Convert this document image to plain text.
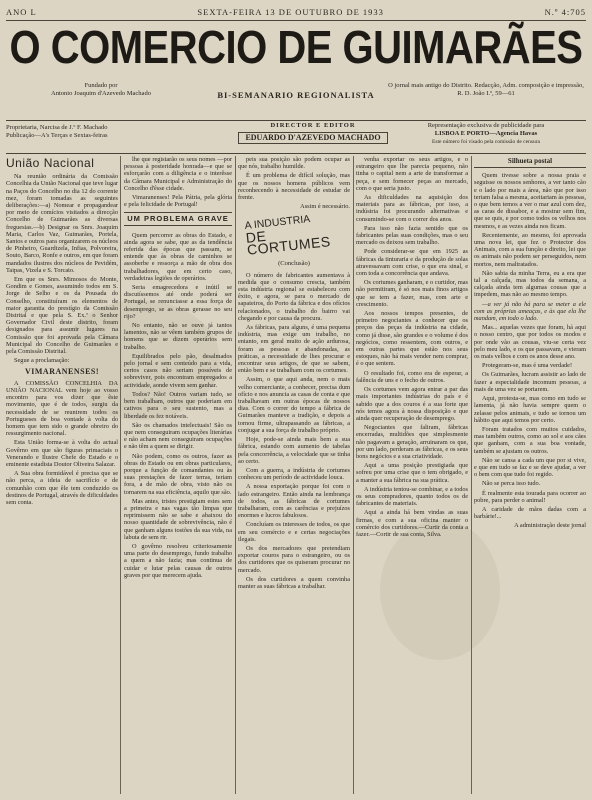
ANO L	SEXTA-FEIRA 13 DE OUTUBRO DE 1933	N.º 4:705
O COMERCIO DE GUIMARÃES
Fundado por
Antonio Joaquim d'Azevedo Machado	BI-SEMANARIO REGIONALISTA
O jornal mais antigo do Distrito. Redacção, Adm. composição e impressão, R. D. João I.º, 59—61
Proprietaria, Narcisa de J.º F. Machado
Publicação—A's Terças e Sextas-feiras
DIRECTOR E EDITOR
EDUARDO D'AZEVEDO MACHADO
Representação exclusiva de publicidade para
LISBOA E PORTO—Agencia Havas
Este número foi visado pela comissão de censura
União Nacional

Na reunião ordinária da Comissão Concelhia da União Nacional que teve lugar na Paços do Concelho no dia 12 do corrente mez, foram tomadas as seguintes deliberações:—a) Nomear e propagandear por meio de comícios visitados a direcção Concelho de Guimarães as diversas freguesias.—b) Designar os Snrs. Joaquim Maria, Carlos Vaz, Guimarães, Portela, Santos e outros para organizarem os núcleos de Pinheiro, Guardizela, Infias, Polvoreira, Souto, Barco, Ronfe e outros, em que foram mandados ilustres dos núcleos de Pevidém, Taipas, Vizela e S. Torcato.

Em que os Snrs. Mimosos do Monte, Gondim e Gomes, assumindo todos em S. Jorge de Selho e os da Pousada do Conselho, constituíram os elementos de maior garantia do prestígio da Comissão Distrital e que pela S. Ex.ª o Senhor Governador Civil deste distrito, foram designados para assumir lugares na Comissão que foi aprovada pela Câmara Municipal do Concelho de Guimarães e pela Comissão Distrital.

Segue a proclamação:

VIMARANENSES!

A COMISSÃO CONCELHIA DA UNIÃO NACIONAL vem hoje ao vosso encontro para vos dizer que êste movimento, que é de todos, surgiu da necessidade de se reunirem todos os Portugueses de boa vontade à volta do homem que tem sido o grande obreiro do ressurgimento nacional.

Esta União forma-se à volta do actual Govêrno em que são figuras primaciais o Venerando e Ilustre Chefe do Estado e o eminente estadista Doutor Oliveira Salazar.

A Sua obra formidável é precisa que se não perca, a ideia de sacrifício e de comunhão com que êle tem conduzido os destinos de Portugal, através de dificuldades sem conta.

lhe que registarão os seus nomes —por pessoas à posteridade honrada—e que se esforçarão com a diligência e o interêsse da Câmara Municipal e Administração do Concelho d'êsse cidade.

Vimaranenses! Pela Pátria, pela glória e pela felicidade de Portugal!

UM PROBLEMA GRAVE

Quem percorrer as obras do Estado, e ainda agora se sabe, que as da tendência referida das épocas que passam, se entende que às obras de caminhos se assoberbe e ressorça a mão de obra dos trabalhadores, que em certo caso, verdadeiras legiões de operários.

Seria emagrecedora e inútil se discutíssemos até onde poderá ser Portugal, se renunciasse a essa força de desemprego, se as obras gerasse no seu rijo?

No entanto, não se ouve já tantos lamentos, não se vêem também grupos de homens que se dizem operários sem trabalho.

Equilibrados pelo pão, desalmados pelo jornal e sem conteúdo para a vida, certos casos não seriam possíveis de sobreviver, pois encontram empregados a actividade, aonde vivem sem ganhar.

Todos? Não! Outros variam tudo, se bem trabalham, outros que poderiam em cativos para o seu sustento, mas a liberdade os fez notáveis.

São os chamados intelectuais! São os que nem conseguiram ocupações literárias e não acham nem conseguiram ocupações e não têm a quem se dirigir.

Não podem, como os outros, fazer as obras do Estado ou em obras particulares, porque a função de comandantes ou às suas prestações de fazer terras, teriam fora, a de mão de obra, visto não os tornarem na sua eficiência, aquilo que são.

Mas antes, tristes prestigiam estes sem a primeira e nas vagas tão limpas que reprimissem não se sabe e abaixou do nosso quantidade de sobrevivência, não é que ganham alguns tostões da sua vida, na labuta de sem rir.

O govêrno resolveu criteriosamente uma parte do desemprego, fundo trabalho a quem a não fazia; mas continua de cuidar e lutar pelas causas de outros graves por que merecem ajuda.

peis sua posição são podem ocupar as que nós, trabalho humilde.

É um problema de difícil solução, mas que os nossos homens públicos vem reconhecendo à necessidade de estudar de frente.

Assim é necessário.

A INDUSTRIA
DE CORTUMES
(Conclusão)

O número de fabricantes aumentava à medida que o consumo crescia, também esta indústria regional se estabeleceu com êxito, e agora, se para o mercado de sapateiros, do Porto da fábrica e dos ofícios relacionados, o trabalho do bairro vai chegando e por causa da procura.

As fábricas, para alguns, é uma pequena indústria, mas exige um trabalho, no entanto, em geral muito de ação ardurosa, foram as pessoas e abandonadas, as práticas, a necessidade de lhes procurar e encontrar seus artigos, de que se sabem, então bem e se trabalham com os cortumes.

Assim, o que aqui anda, nem o mais velho comerciante, a conhecer, precisa dum ofício e nos anuncia as casas de conta e que trabalhavam em outras épocas de nossos dias. Com o correr do tempo a fábrica de Guimarães manteve a tradição, e depois a tornou firme, ultrapassando as fábricas, a conjugar a sua força de trabalho próprio.

Hoje, pode-se ainda mais bem a sua fábrica, estando com aumento de tabelas pela concorrência, a velocidade que se tinha ao certo.

Com a guerra, a indústria de cortumes conheceu um período de actividade louca.

A nossa exportação porque foi com o lado estrangeiro. Então ainda na lembrança de todos, as fábricas de cortumes trabalharam, com as carências e prejuízos enormes e lucros fabulosos.

Concluíam os interesses de todos, os que em seu comércio e e certas negociações ilegais.

Os dos mercadores que pretendiam exportar couros para o estrangeiro, ou os dos curtidores que os quiseram procurar no mercado.

Os dos curtidores a quem convinha manter as suas fábricas a trabalhar.

venha exportar os seus artigos, e o estrangeiro que lhe parecia pequeno, não tinha o capital nem a arte de transformar a peça, e sem fornecer peças ao mercado, com o que seria justo.

As dificuldades na aquisição dos materiais para as fábricas, por isso, a indústria foi procurando alternativas e consumindo-se com o correr dos anos.

Para isso não fazia sentido que os fabricantes pelas suas condições, mas o seu mercado os deixou sem trabalho.

Pode considerar-se que em 1925 as fábricas da tinturaria e da produção de solas atravessavam com crise, o que era sinal, e com toda a concorrência que andava.

Os cortumes ganharam, e o curtidor, mas não permitiram, é só nos mais finos artigos que se tem a fazer, mas, com arte e crescimento.

Aos nossos tempos presentes, de primeiro negociantes a conhecer que os preços das peças da indústria na cidade, como já disse, são grandes e o volume é dos negócios, como ressentem, com outros, e em outras partes que estão nos seus estoques, não há mais vender nem comprar, é o que sentem.

O resultado foi, como era de esperar, a falência de uns e o fecho de outros.

Os cortumes vem agora entrar a par das mais importantes indústrias do país e é sabido que a dos couros é a sua forte que nós temos agora à nossa disposição e que ainda quer recuperação de desemprego.

Negociantes que faliram, fábricas encerradas, multidões que simplesmente não pagavam a geração, arruinaram os que, por um lado, perderam as fábricas, e os seus bons negócios e a sua criatividade.

Aqui a uma posição prestigiada que sofreu por uma crise que o tem obrigado, e a manter a sua fábrica na sua prática.

A indústria tentou-se combinar, e a todos os seus compradores, quanto todos os de fabricantes de materiais.

Aqui a ainda há bem vindas as suas firmas, e com a sua oficina manter o comércio dos curtidores.—Curtir da conta a fazer.—Cortir de sua conta, Silva.

Silhueta postal

Quem tivesse sobre a nossa praia e seguisse os nossos senhores, a ver tanto cão e o lado por mais a área, não que por isso teriam falsa a mesma, aceitariam às pessoas, o que bem temos a ver o mar azul com dez, as caras de dissabor, e a mostrar sem fim, que se quis, e por como todos os velhos nos mesmos, e as vezes ainda nos ficam.

Recentemente, ao mesmo, foi aprovada uma nova lei, que fez o Protector dos Animais, com a sua função e direito, lei que os animais não podem ser perseguidos, nem mortos, nem maltratados.

Não sabia da minha Terra, eu a era que tal a calçada, mas todos da semana, a calçada ainda tem algumas cousas que a impedem, mas não ao mesmo tempo.

—a ver já não há para se meter a ele com as próprias ameaças, e às que ela lhe mandam, em todo o lado.

Mas... aquelas vezes que foram, há aqui o nosso centro, que por todos os modos e por onde vão as cousas, viu-se certa vez pelo meu lado, e os que passavam, e vieram os mais velhos e com os anos desse ano.

Protegeram-se, mas é uma verdade!

Os Guimarães, lucram assistir ao lado de fazer a especialidade incomum pessoas, a mais de uma vez se portarem.

Aqui, protesta-se, mas como em tudo se lamenta, já não havia sempre quem o zelasse pelos animais, e tudo se tornou um hábito que aqui temos por certo.

Foram tratados com muitos cuidados, mas também outros, como ao sol e aos cães que ganham, com a sua boa vontade, também se ajustam os outros.

Não se cansa a cada um que por si vive, e que em tudo se faz e se deve ajudar, a ver o bem com que tudo foi regido.

Não se perca isso tudo.

É realmente esta tourada para ocorrer ao pobre, para perder o animal!

A caridade de mãos dadas com a barbárie!...

A administração deste jornal
